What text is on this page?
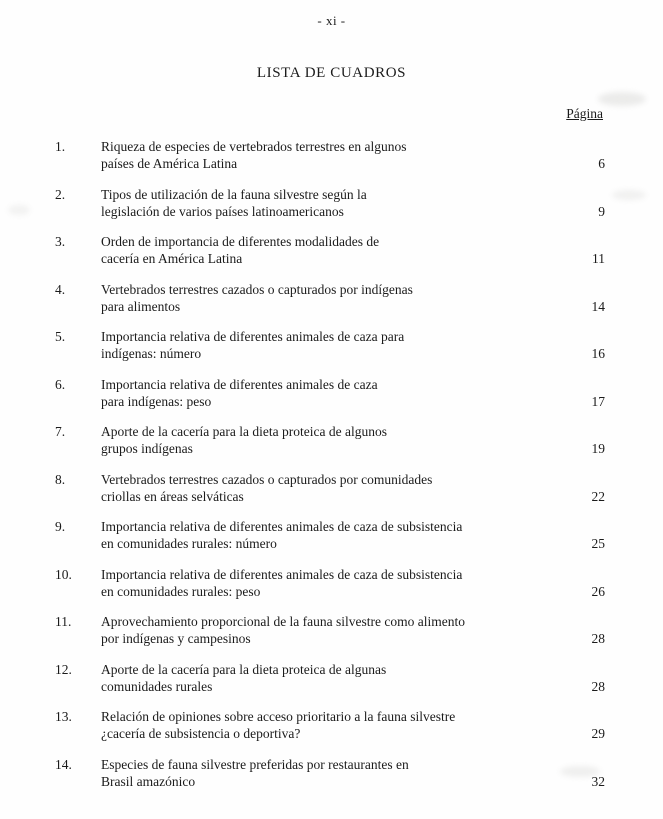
- xi -
LISTA DE CUADROS
Página
1.	Riqueza de especies de vertebrados terrestres en algunos
países de América Latina	6
2.	Tipos de utilización de la fauna silvestre según la
legislación de varios países latinoamericanos	9
3.	Orden de importancia de diferentes modalidades de
cacería en América Latina	11
4.	Vertebrados terrestres cazados o capturados por indígenas
para alimentos	14
5.	Importancia relativa de diferentes animales de caza para
indígenas: número	16
6.	Importancia relativa de diferentes animales de caza
para indígenas: peso	17
7.	Aporte de la cacería para la dieta proteica de algunos
grupos indígenas	19
8.	Vertebrados terrestres cazados o capturados por comunidades
criollas en áreas selváticas	22
9.	Importancia relativa de diferentes animales de caza de subsistencia
en comunidades rurales: número	25
10.	Importancia relativa de diferentes animales de caza de subsistencia
en comunidades rurales: peso	26
11.	Aprovechamiento proporcional de la fauna silvestre como alimento
por indígenas y campesinos	28
12.	Aporte de la cacería para la dieta proteica de algunas
comunidades rurales	28
13.	Relación de opiniones sobre acceso prioritario a la fauna silvestre
¿cacería de subsistencia o deportiva?	29
14.	Especies de fauna silvestre preferidas por restaurantes en
Brasil amazónico	32
